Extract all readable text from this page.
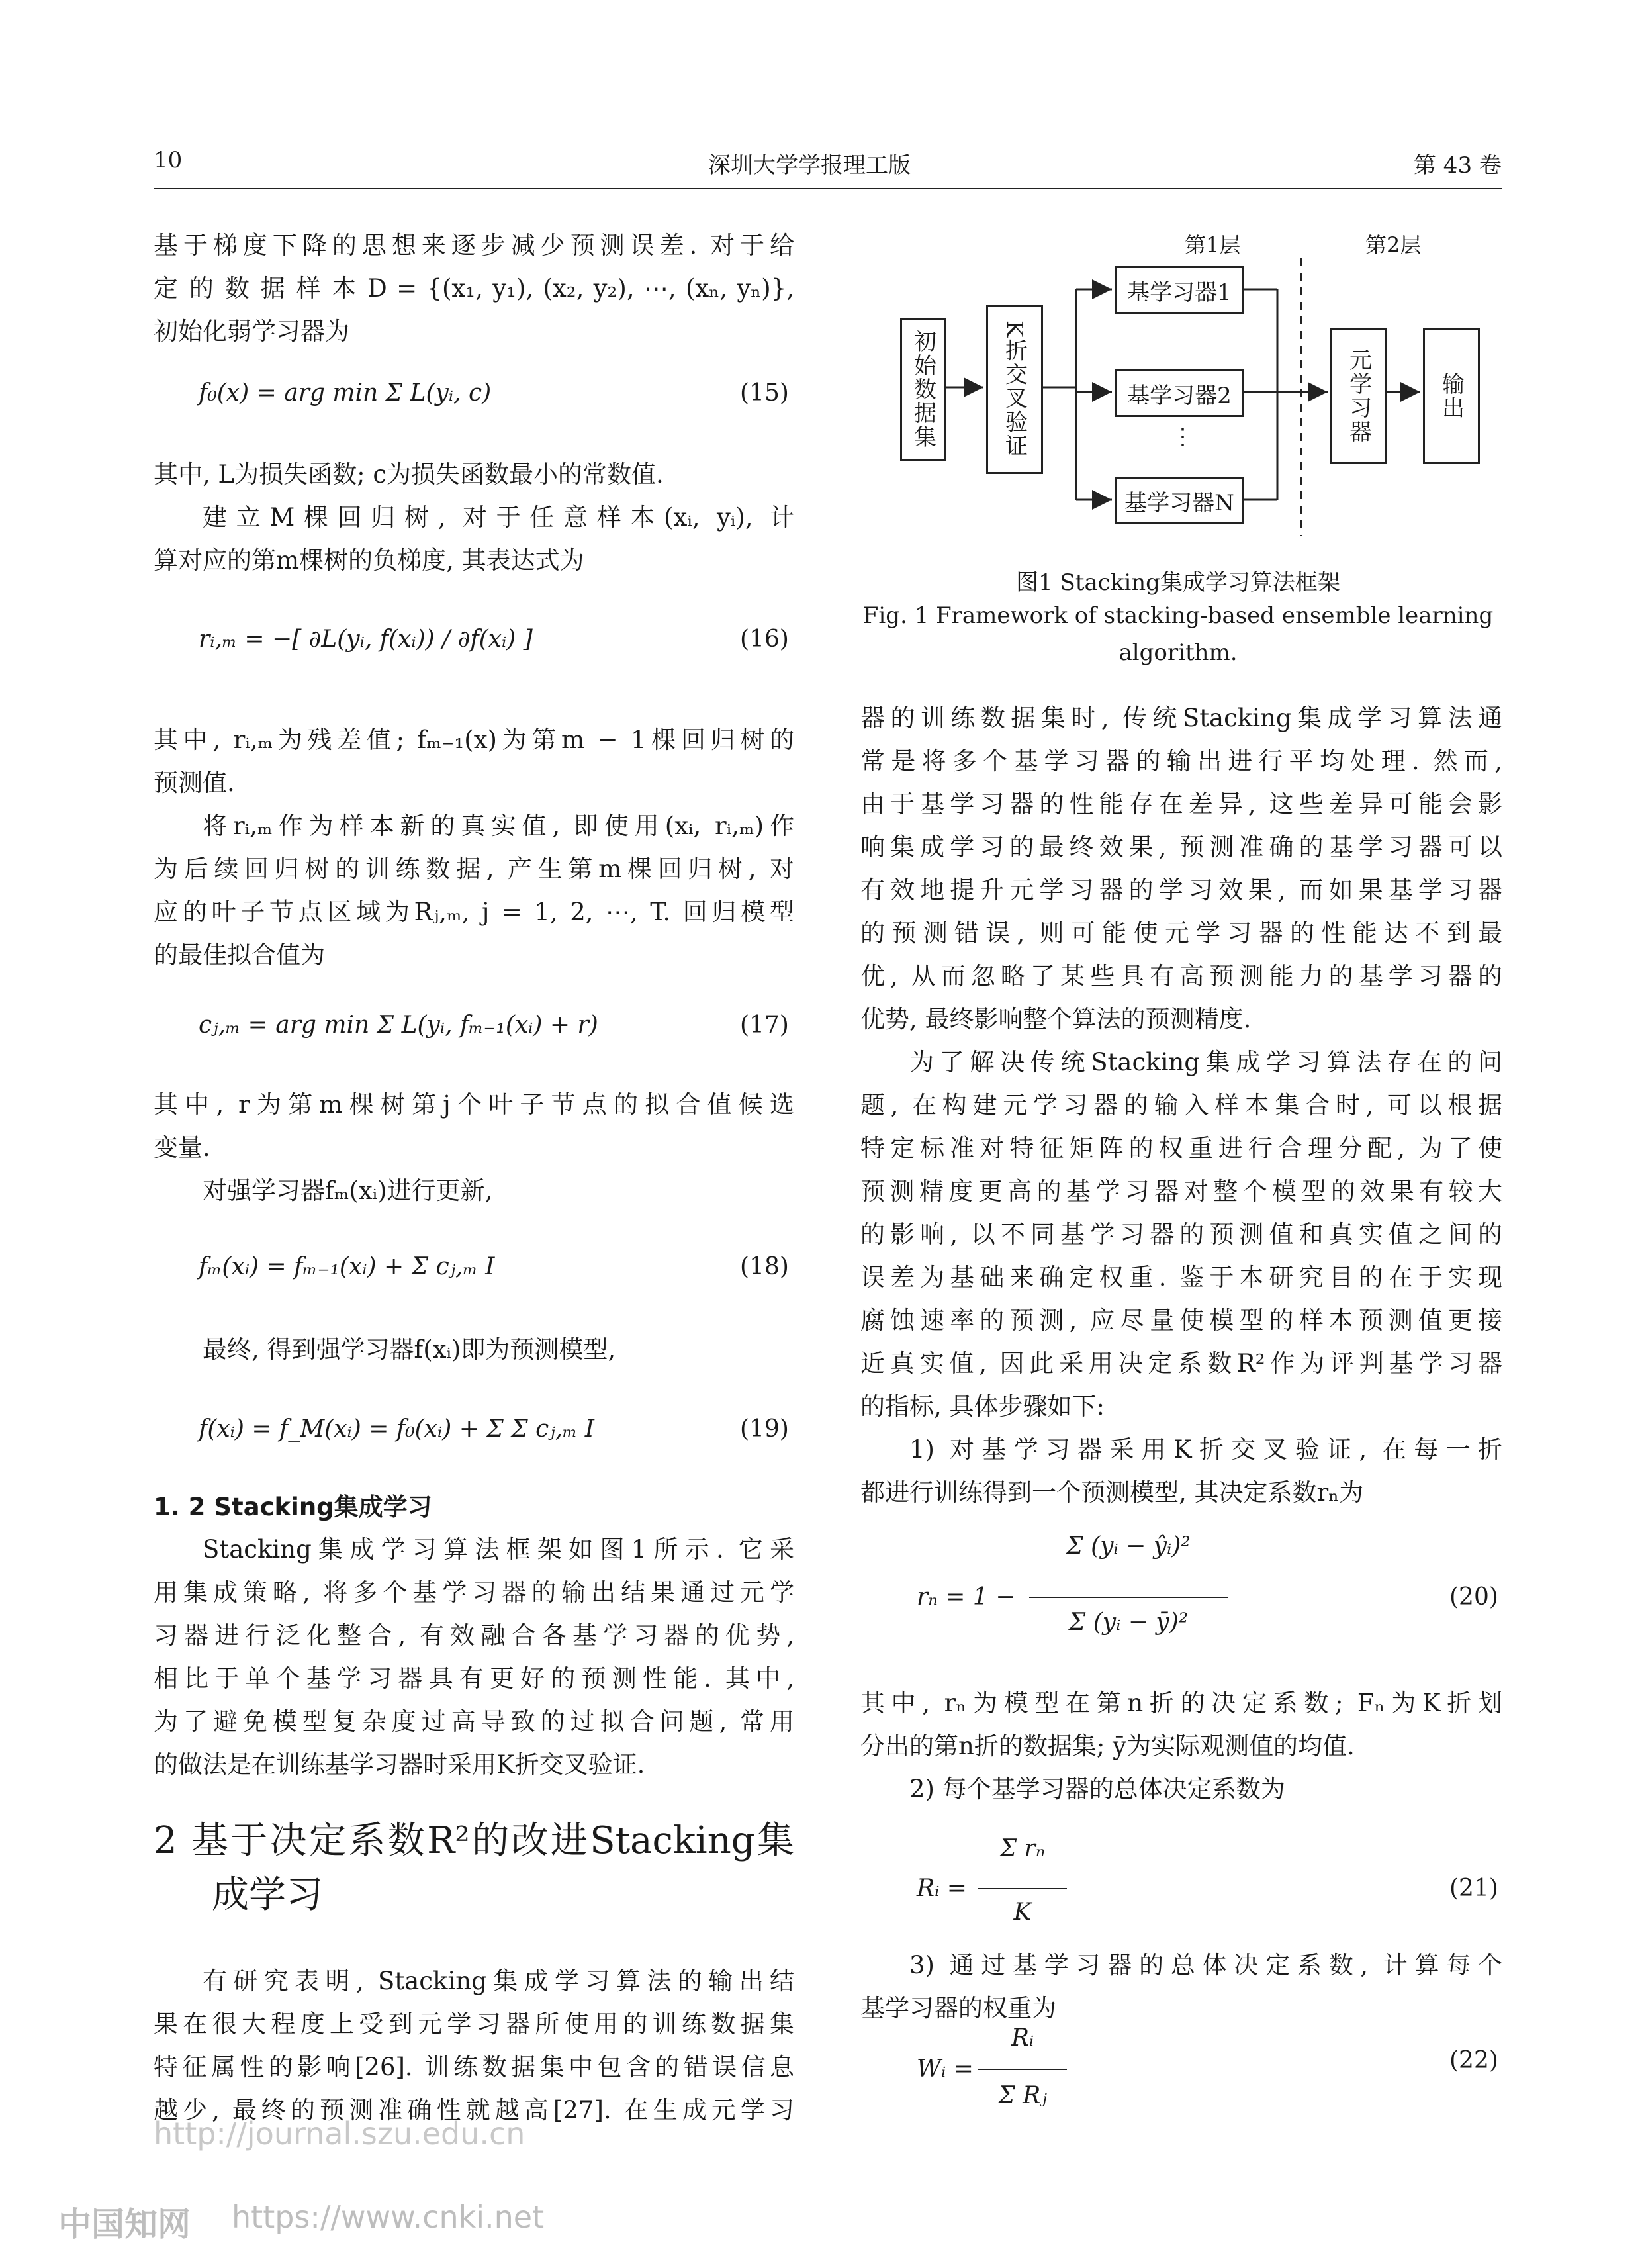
10	深圳大学学报理工版	第 43 卷

基于梯度下降的思想来逐步减少预测误差. 对于给

定 的 数 据 样 本 D = {(x₁, y₁), (x₂, y₂), ⋯, (xₙ, yₙ)},

初始化弱学习器为

f₀(x) = arg min Σ L(yᵢ, c)	(15)

其中, L为损失函数; c为损失函数最小的常数值.

建立M棵回归树, 对于任意样本(xᵢ, yᵢ), 计

算对应的第m棵树的负梯度, 其表达式为

rᵢ,ₘ = −[ ∂L(yᵢ, f(xᵢ)) / ∂f(xᵢ) ]	(16)

其中, rᵢ,ₘ为残差值; fₘ₋₁(x)为第m − 1棵回归树的

预测值.

将rᵢ,ₘ作为样本新的真实值, 即使用(xᵢ, rᵢ,ₘ)作

为后续回归树的训练数据, 产生第m棵回归树, 对

应的叶子节点区域为Rⱼ,ₘ, j = 1, 2, ⋯, T. 回归模型

的最佳拟合值为

cⱼ,ₘ = arg min Σ L(yᵢ, fₘ₋₁(xᵢ) + r)	(17)

其中, r为第m棵树第j个叶子节点的拟合值候选

变量.

对强学习器fₘ(xᵢ)进行更新,

fₘ(xᵢ) = fₘ₋₁(xᵢ) + Σ cⱼ,ₘ I	(18)

最终, 得到强学习器f(xᵢ)即为预测模型,

f(xᵢ) = f_M(xᵢ) = f₀(xᵢ) + Σ Σ cⱼ,ₘ I	(19)
1. 2 Stacking集成学习

Stacking集成学习算法框架如图1所示. 它采

用集成策略, 将多个基学习器的输出结果通过元学

习器进行泛化整合, 有效融合各基学习器的优势,

相比于单个基学习器具有更好的预测性能. 其中,

为了避免模型复杂度过高导致的过拟合问题, 常用

的做法是在训练基学习器时采用K折交叉验证.

2 基于决定系数R²的改进Stacking集

成学习

有研究表明, Stacking集成学习算法的输出结

果在很大程度上受到元学习器所使用的训练数据集

特征属性的影响[26]. 训练数据集中包含的错误信息

越少, 最终的预测准确性就越高[27]. 在生成元学习

第1层	第2层
初始数据集	K折交叉验证
基学习器1
基学习器2
⋮
基学习器N
元学习器	输出
图1 Stacking集成学习算法框架
Fig. 1 Framework of stacking-based ensemble learning
algorithm.

器的训练数据集时, 传统Stacking集成学习算法通

常是将多个基学习器的输出进行平均处理. 然而,

由于基学习器的性能存在差异, 这些差异可能会影

响集成学习的最终效果, 预测准确的基学习器可以

有效地提升元学习器的学习效果, 而如果基学习器

的预测错误, 则可能使元学习器的性能达不到最

优, 从而忽略了某些具有高预测能力的基学习器的

优势, 最终影响整个算法的预测精度.

为了解决传统Stacking集成学习算法存在的问

题, 在构建元学习器的输入样本集合时, 可以根据

特定标准对特征矩阵的权重进行合理分配, 为了使

预测精度更高的基学习器对整个模型的效果有较大

的影响, 以不同基学习器的预测值和真实值之间的

误差为基础来确定权重. 鉴于本研究目的在于实现

腐蚀速率的预测, 应尽量使模型的样本预测值更接

近真实值, 因此采用决定系数R²作为评判基学习器

的指标, 具体步骤如下:

1) 对基学习器采用K折交叉验证, 在每一折

都进行训练得到一个预测模型, 其决定系数rₙ为

rₙ = 1 −
Σ (yᵢ − ŷᵢ)²
Σ (yᵢ − ȳ)²
(20)

其中, rₙ为模型在第n折的决定系数; Fₙ为K折划

分出的第n折的数据集; ȳ为实际观测值的均值.

2) 每个基学习器的总体决定系数为

Rᵢ =
Σ rₙ
K
(21)

3) 通过基学习器的总体决定系数, 计算每个

基学习器的权重为

Wᵢ =
Rᵢ
Σ Rⱼ
(22)
http://journal.szu.edu.cn
中国知网 https://www.cnki.net
